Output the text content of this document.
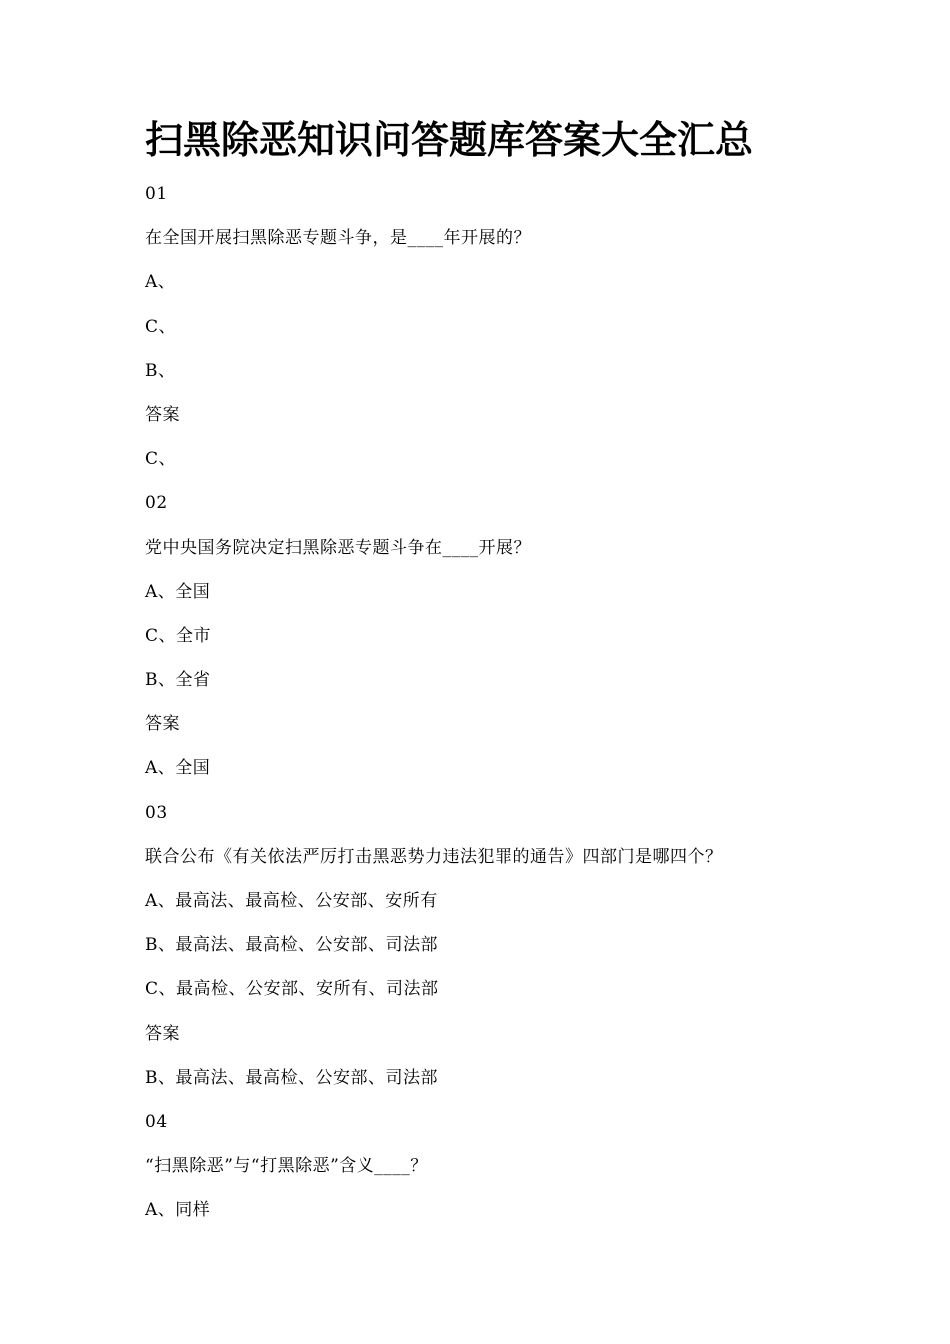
扫黑除恶知识问答题库答案大全汇总
01
在全国开展扫黑除恶专题斗争，是____年开展的？
A、
C、
B、
答案
C、
02
党中央国务院决定扫黑除恶专题斗争在____开展？
A、全国
C、全市
B、全省
答案
A、全国
03
联合公布《有关依法严厉打击黑恶势力违法犯罪的通告》四部门是哪四个？
A、最高法、最高检、公安部、安所有
B、最高法、最高检、公安部、司法部
C、最高检、公安部、安所有、司法部
答案
B、最高法、最高检、公安部、司法部
04
“扫黑除恶”与“打黑除恶”含义____？
A、同样
